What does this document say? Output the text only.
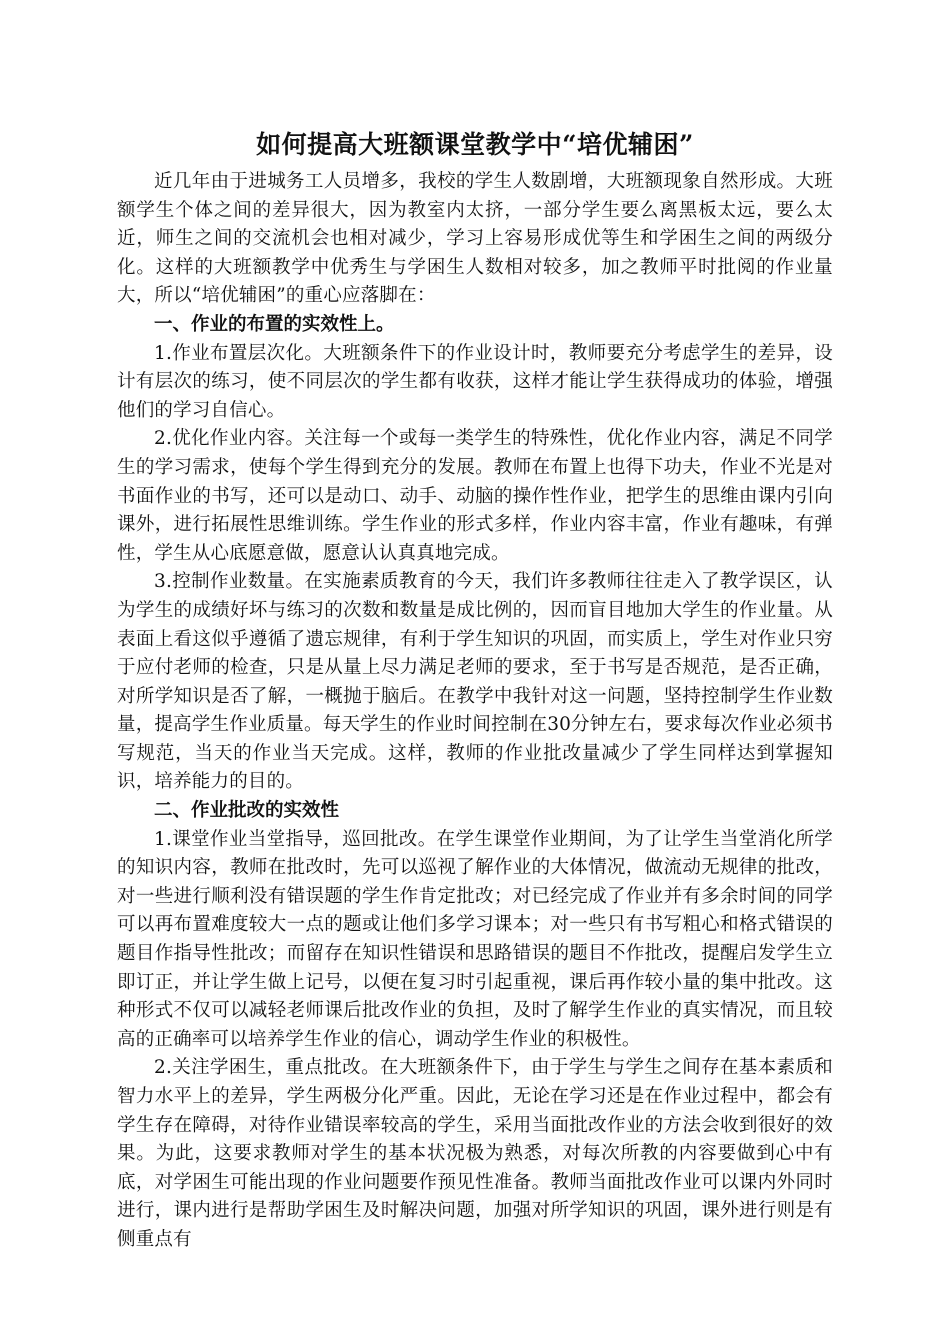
如何提高大班额课堂教学中“培优辅困”

近几年由于进城务工人员增多，我校的学生人数剧增，大班额现象自然形成。大班额学生个体之间的差异很大，因为教室内太挤，一部分学生要么离黑板太远，要么太近，师生之间的交流机会也相对减少，学习上容易形成优等生和学困生之间的两级分化。这样的大班额教学中优秀生与学困生人数相对较多，加之教师平时批阅的作业量大，所以“培优辅困”的重心应落脚在：

一、作业的布置的实效性上。

1.作业布置层次化。大班额条件下的作业设计时，教师要充分考虑学生的差异，设计有层次的练习，使不同层次的学生都有收获，这样才能让学生获得成功的体验，增强他们的学习自信心。

2.优化作业内容。关注每一个或每一类学生的特殊性，优化作业内容，满足不同学生的学习需求，使每个学生得到充分的发展。教师在布置上也得下功夫，作业不光是对书面作业的书写，还可以是动口、动手、动脑的操作性作业，把学生的思维由课内引向课外，进行拓展性思维训练。学生作业的形式多样，作业内容丰富，作业有趣味，有弹性，学生从心底愿意做，愿意认认真真地完成。

3.控制作业数量。在实施素质教育的今天，我们许多教师往往走入了教学误区，认为学生的成绩好坏与练习的次数和数量是成比例的，因而盲目地加大学生的作业量。从表面上看这似乎遵循了遗忘规律，有利于学生知识的巩固，而实质上，学生对作业只穷于应付老师的检查，只是从量上尽力满足老师的要求，至于书写是否规范，是否正确，对所学知识是否了解，一概抛于脑后。在教学中我针对这一问题，坚持控制学生作业数量，提高学生作业质量。每天学生的作业时间控制在30分钟左右，要求每次作业必须书写规范，当天的作业当天完成。这样，教师的作业批改量减少了学生同样达到掌握知识，培养能力的目的。

二、作业批改的实效性

1.课堂作业当堂指导，巡回批改。在学生课堂作业期间，为了让学生当堂消化所学的知识内容，教师在批改时，先可以巡视了解作业的大体情况，做流动无规律的批改，对一些进行顺利没有错误题的学生作肯定批改；对已经完成了作业并有多余时间的同学可以再布置难度较大一点的题或让他们多学习课本；对一些只有书写粗心和格式错误的题目作指导性批改；而留存在知识性错误和思路错误的题目不作批改，提醒启发学生立即订正，并让学生做上记号，以便在复习时引起重视，课后再作较小量的集中批改。这种形式不仅可以减轻老师课后批改作业的负担，及时了解学生作业的真实情况，而且较高的正确率可以培养学生作业的信心，调动学生作业的积极性。

2.关注学困生，重点批改。在大班额条件下，由于学生与学生之间存在基本素质和智力水平上的差异，学生两极分化严重。因此，无论在学习还是在作业过程中，都会有学生存在障碍，对待作业错误率较高的学生，采用当面批改作业的方法会收到很好的效果。为此，这要求教师对学生的基本状况极为熟悉，对每次所教的内容要做到心中有底，对学困生可能出现的作业问题要作预见性准备。教师当面批改作业可以课内外同时进行，课内进行是帮助学困生及时解决问题，加强对所学知识的巩固，课外进行则是有侧重点有
